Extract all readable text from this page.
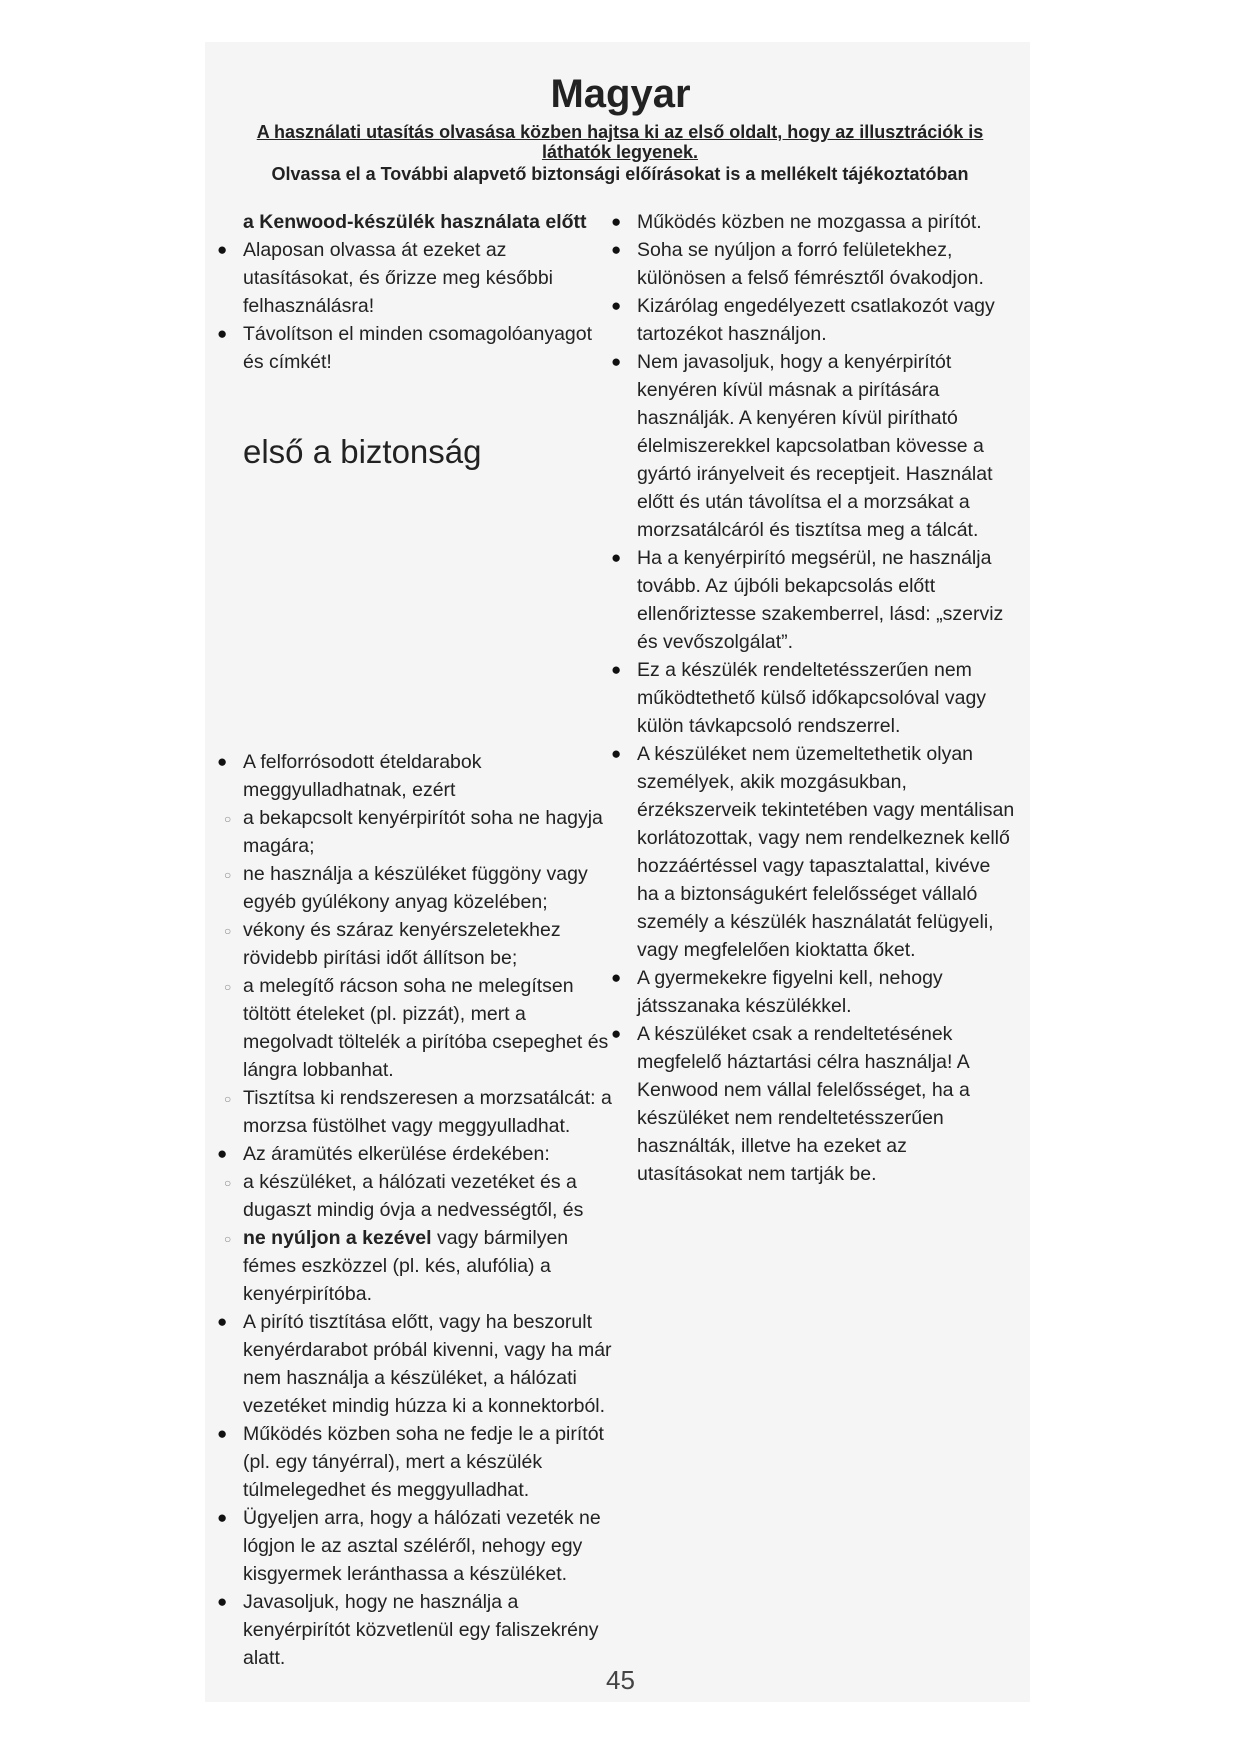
Magyar

A használati utasítás olvasása közben hajtsa ki az első oldalt, hogy az illusztrációk is láthatók legyenek.

Olvassa el a További alapvető biztonsági előírásokat is a mellékelt tájékoztatóban

a Kenwood-készülék használata előtt

● Alaposan olvassa át ezeket az utasításokat, és őrizze meg későbbi felhasználásra!

● Távolítson el minden csomagolóanyagot és címkét!

● A felforrósodott ételdarabok meggyulladhatnak, ezért

○ a bekapcsolt kenyérpirítót soha ne hagyja magára;

○ ne használja a készüléket függöny vagy egyéb gyúlékony anyag közelében;

○ vékony és száraz kenyérszeletekhez rövidebb pirítási időt állítson be;

○ a melegítő rácson soha ne melegítsen töltött ételeket (pl. pizzát), mert a megolvadt töltelék a pirítóba csepeghet és lángra lobbanhat.

○ Tisztítsa ki rendszeresen a morzsatálcát: a morzsa füstölhet vagy meggyulladhat.

● Az áramütés elkerülése érdekében:

○ a készüléket, a hálózati vezetéket és a dugaszt mindig óvja a nedvességtől, és

○ ne nyúljon a kezével vagy bármilyen fémes eszközzel (pl. kés, alufólia) a kenyérpirítóba.

● A pirító tisztítása előtt, vagy ha beszorult kenyérdarabot próbál kivenni, vagy ha már nem használja a készüléket, a hálózati vezetéket mindig húzza ki a konnektorból.

● Működés közben soha ne fedje le a pirítót (pl. egy tányérral), mert a készülék túlmelegedhet és meggyulladhat.

● Ügyeljen arra, hogy a hálózati vezeték ne lógjon le az asztal széléről, nehogy egy kisgyermek leránthassa a készüléket.

● Javasoljuk, hogy ne használja a kenyérpirítót közvetlenül egy faliszekrény alatt.

első a biztonság

● Működés közben ne mozgassa a pirítót.

● Soha se nyúljon a forró felületekhez, különösen a felső fémrésztől óvakodjon.

● Kizárólag engedélyezett csatlakozót vagy tartozékot használjon.

● Nem javasoljuk, hogy a kenyérpirítót kenyéren kívül másnak a pirítására használják. A kenyéren kívül pirítható élelmiszerekkel kapcsolatban kövesse a gyártó irányelveit és receptjeit. Használat előtt és után távolítsa el a morzsákat a morzsatálcáról és tisztítsa meg a tálcát.

● Ha a kenyérpirító megsérül, ne használja tovább. Az újbóli bekapcsolás előtt ellenőriztesse szakemberrel, lásd: „szerviz és vevőszolgálat”.

● Ez a készülék rendeltetésszerűen nem működtethető külső időkapcsolóval vagy külön távkapcsoló rendszerrel.

● A készüléket nem üzemeltethetik olyan személyek, akik mozgásukban, érzékszerveik tekintetében vagy mentálisan korlátozottak, vagy nem rendelkeznek kellő hozzáértéssel vagy tapasztalattal, kivéve ha a biztonságukért felelősséget vállaló személy a készülék használatát felügyeli, vagy megfelelően kioktatta őket.

● A gyermekekre figyelni kell, nehogy játsszanaka készülékkel.

● A készüléket csak a rendeltetésének megfelelő háztartási célra használja! A Kenwood nem vállal felelősséget, ha a készüléket nem rendeltetésszerűen használták, illetve ha ezeket az utasításokat nem tartják be.

45
